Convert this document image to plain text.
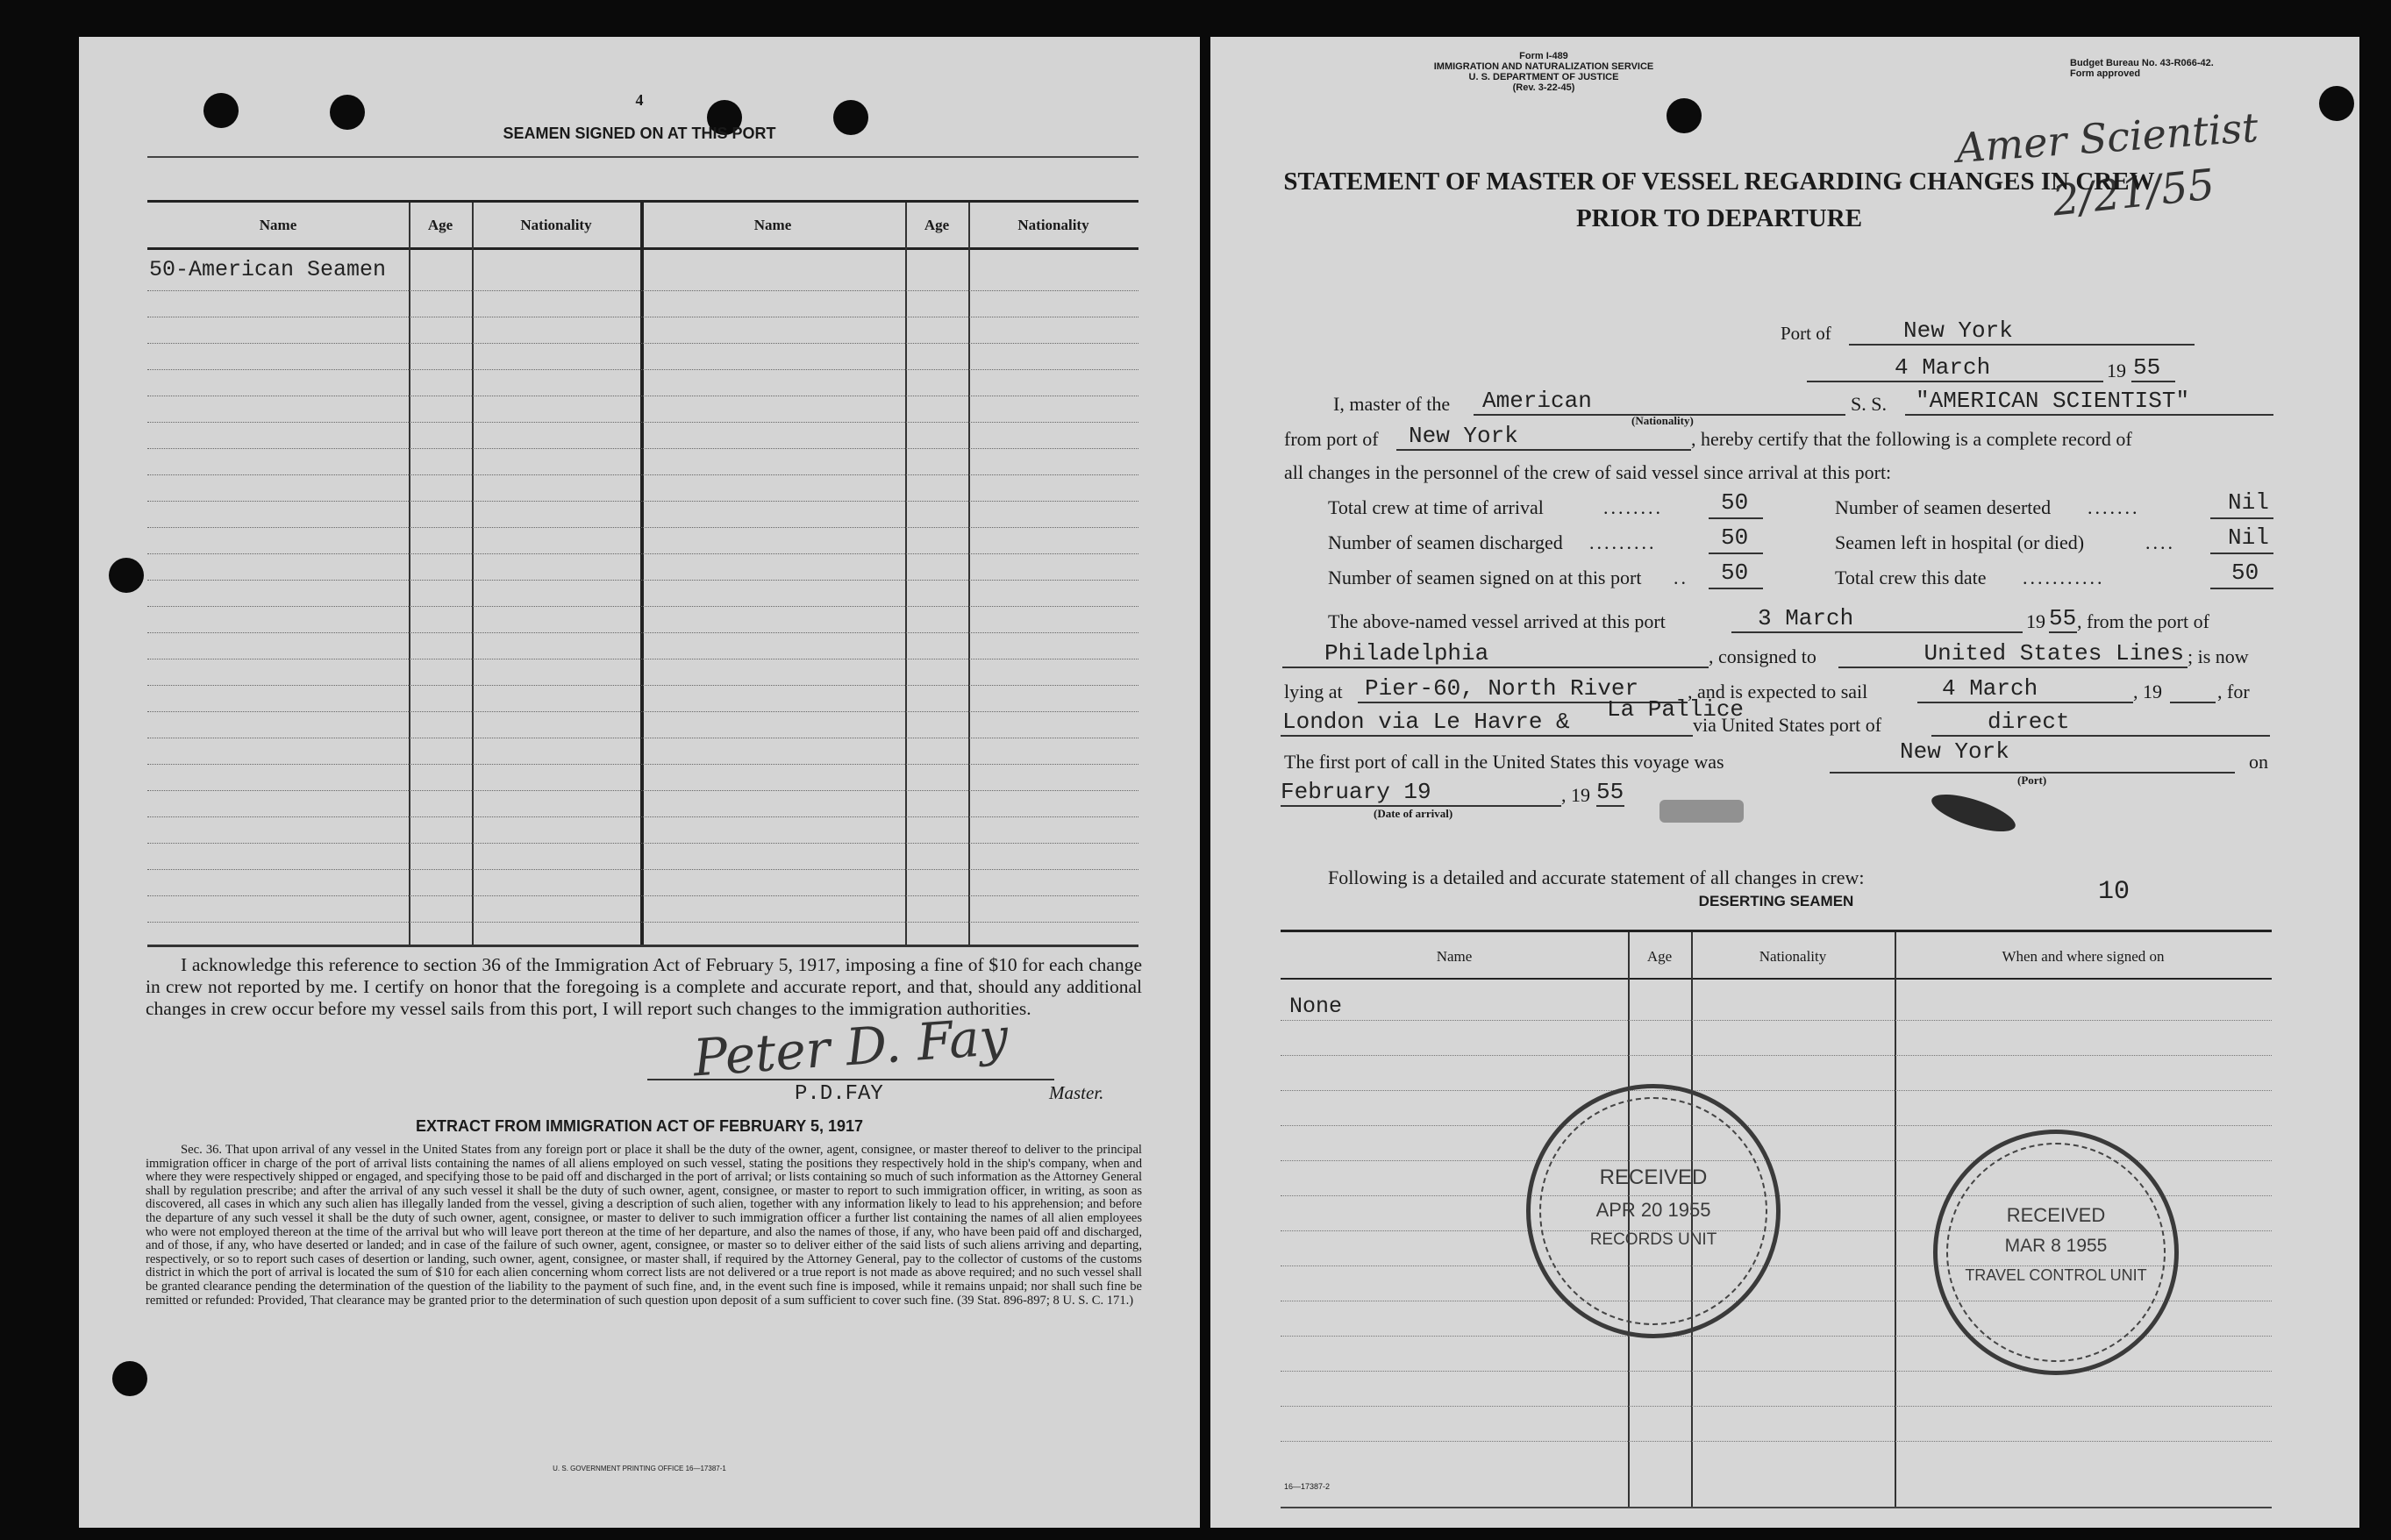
4
SEAMEN SIGNED ON AT THIS PORT
Name	Age	Nationality	Name	Age	Nationality
50-American Seamen
I acknowledge this reference to section 36 of the Immigration Act of February 5, 1917, imposing a fine of $10 for each change in crew not reported by me. I certify on honor that the foregoing is a complete and accurate report, and that, should any additional changes in crew occur before my vessel sails from this port, I will report such changes to the immigration authorities.
Peter D. Fay
P.D.FAY	Master.
EXTRACT FROM IMMIGRATION ACT OF FEBRUARY 5, 1917
Sec. 36. That upon arrival of any vessel in the United States from any foreign port or place it shall be the duty of the owner, agent, consignee, or master thereof to deliver to the principal immigration officer in charge of the port of arrival lists containing the names of all aliens employed on such vessel, stating the positions they respectively hold in the ship's company, when and where they were respectively shipped or engaged, and specifying those to be paid off and discharged in the port of arrival; or lists containing so much of such information as the Attorney General shall by regulation prescribe; and after the arrival of any such vessel it shall be the duty of such owner, agent, consignee, or master to report to such immigration officer, in writing, as soon as discovered, all cases in which any such alien has illegally landed from the vessel, giving a description of such alien, together with any information likely to lead to his apprehension; and before the departure of any such vessel it shall be the duty of such owner, agent, consignee, or master to deliver to such immigration officer a further list containing the names of all alien employees who were not employed thereon at the time of the arrival but who will leave port thereon at the time of her departure, and also the names of those, if any, who have been paid off and discharged, and of those, if any, who have deserted or landed; and in case of the failure of such owner, agent, consignee, or master so to deliver either of the said lists of such aliens arriving and departing, respectively, or so to report such cases of desertion or landing, such owner, agent, consignee, or master shall, if required by the Attorney General, pay to the collector of customs of the customs district in which the port of arrival is located the sum of $10 for each alien concerning whom correct lists are not delivered or a true report is not made as above required; and no such vessel shall be granted clearance pending the determination of the question of the liability to the payment of such fine, and, in the event such fine is imposed, while it remains unpaid; nor shall such fine be remitted or refunded: Provided, That clearance may be granted prior to the determination of such question upon deposit of a sum sufficient to cover such fine. (39 Stat. 896-897; 8 U. S. C. 171.)
U. S. GOVERNMENT PRINTING OFFICE 16—17387-1
Form I-489
IMMIGRATION AND NATURALIZATION SERVICE
U. S. DEPARTMENT OF JUSTICE
(Rev. 3-22-45)
Budget Bureau No. 43-R066-42.
Form approved
Amer Scientist
2/21/55
STATEMENT OF MASTER OF VESSEL REGARDING CHANGES IN CREW
PRIOR TO DEPARTURE
Port of	New York
4 March	19 55
I, master of the American
(Nationality)
S. S. "AMERICAN SCIENTIST"
from port of New York	, hereby certify that the following is a complete record of
all changes in the personnel of the crew of said vessel since arrival at this port:
Total crew at time of arrival	........	50	Number of seamen deserted .......	Nil
Number of seamen discharged .........	50	Seamen left in hospital (or died)	.... Nil
Number of seamen signed on at this port .. 50	Total crew this date ...........	50
The above-named vessel arrived at this port	3 March	19 55 , from the port of
Philadelphia	, consigned to	United States Lines ; is now
lying at Pier-60, North River	, and is expected to sail	4 March	, 19	, for
London via Le Havre & La Pallice
via United States port of	direct
The first port of call in the United States this voyage was	New York
(Port)
on
February 19
(Date of arrival)
, 19 55
Following is a detailed and accurate statement of all changes in crew:	10
DESERTING SEAMEN
Name	Age	Nationality	When and where signed on
None
RECEIVED
APR 20 1955
RECORDS UNIT
RECEIVED
MAR 8 1955
TRAVEL CONTROL UNIT
16—17387-2
